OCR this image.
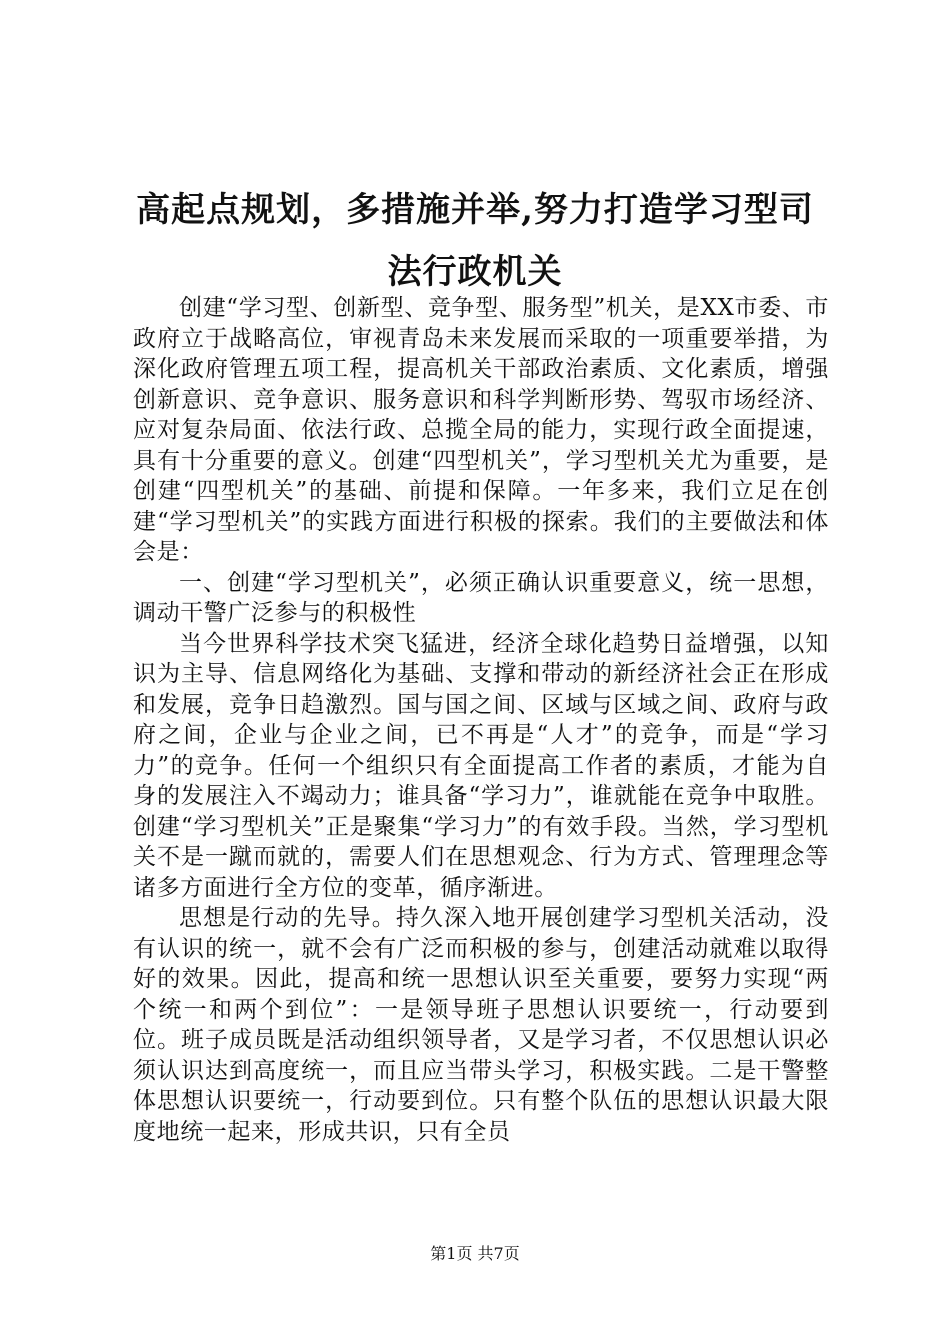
高起点规划，多措施并举,努力打造学习型司
法行政机关

创建“学习型、创新型、竞争型、服务型”机关，是XX市委、市政府立于战略高位，审视青岛未来发展而采取的一项重要举措，为深化政府管理五项工程，提高机关干部政治素质、文化素质，增强创新意识、竞争意识、服务意识和科学判断形势、驾驭市场经济、应对复杂局面、依法行政、总揽全局的能力，实现行政全面提速，具有十分重要的意义。创建“四型机关”，学习型机关尤为重要，是创建“四型机关”的基础、前提和保障。一年多来，我们立足在创建“学习型机关”的实践方面进行积极的探索。我们的主要做法和体会是：

一、创建“学习型机关”，必须正确认识重要意义，统一思想，调动干警广泛参与的积极性

当今世界科学技术突飞猛进，经济全球化趋势日益增强，以知识为主导、信息网络化为基础、支撑和带动的新经济社会正在形成和发展，竞争日趋激烈。国与国之间、区域与区域之间、政府与政府之间，企业与企业之间，已不再是“人才”的竞争，而是“学习力”的竞争。任何一个组织只有全面提高工作者的素质，才能为自身的发展注入不竭动力；谁具备“学习力”，谁就能在竞争中取胜。创建“学习型机关”正是聚集“学习力”的有效手段。当然，学习型机关不是一蹴而就的，需要人们在思想观念、行为方式、管理理念等诸多方面进行全方位的变革，循序渐进。

思想是行动的先导。持久深入地开展创建学习型机关活动，没有认识的统一，就不会有广泛而积极的参与，创建活动就难以取得好的效果。因此，提高和统一思想认识至关重要，要努力实现“两个统一和两个到位”：一是领导班子思想认识要统一，行动要到位。班子成员既是活动组织领导者，又是学习者，不仅思想认识必须认识达到高度统一，而且应当带头学习，积极实践。二是干警整体思想认识要统一，行动要到位。只有整个队伍的思想认识最大限度地统一起来，形成共识，只有全员

第1页 共7页
